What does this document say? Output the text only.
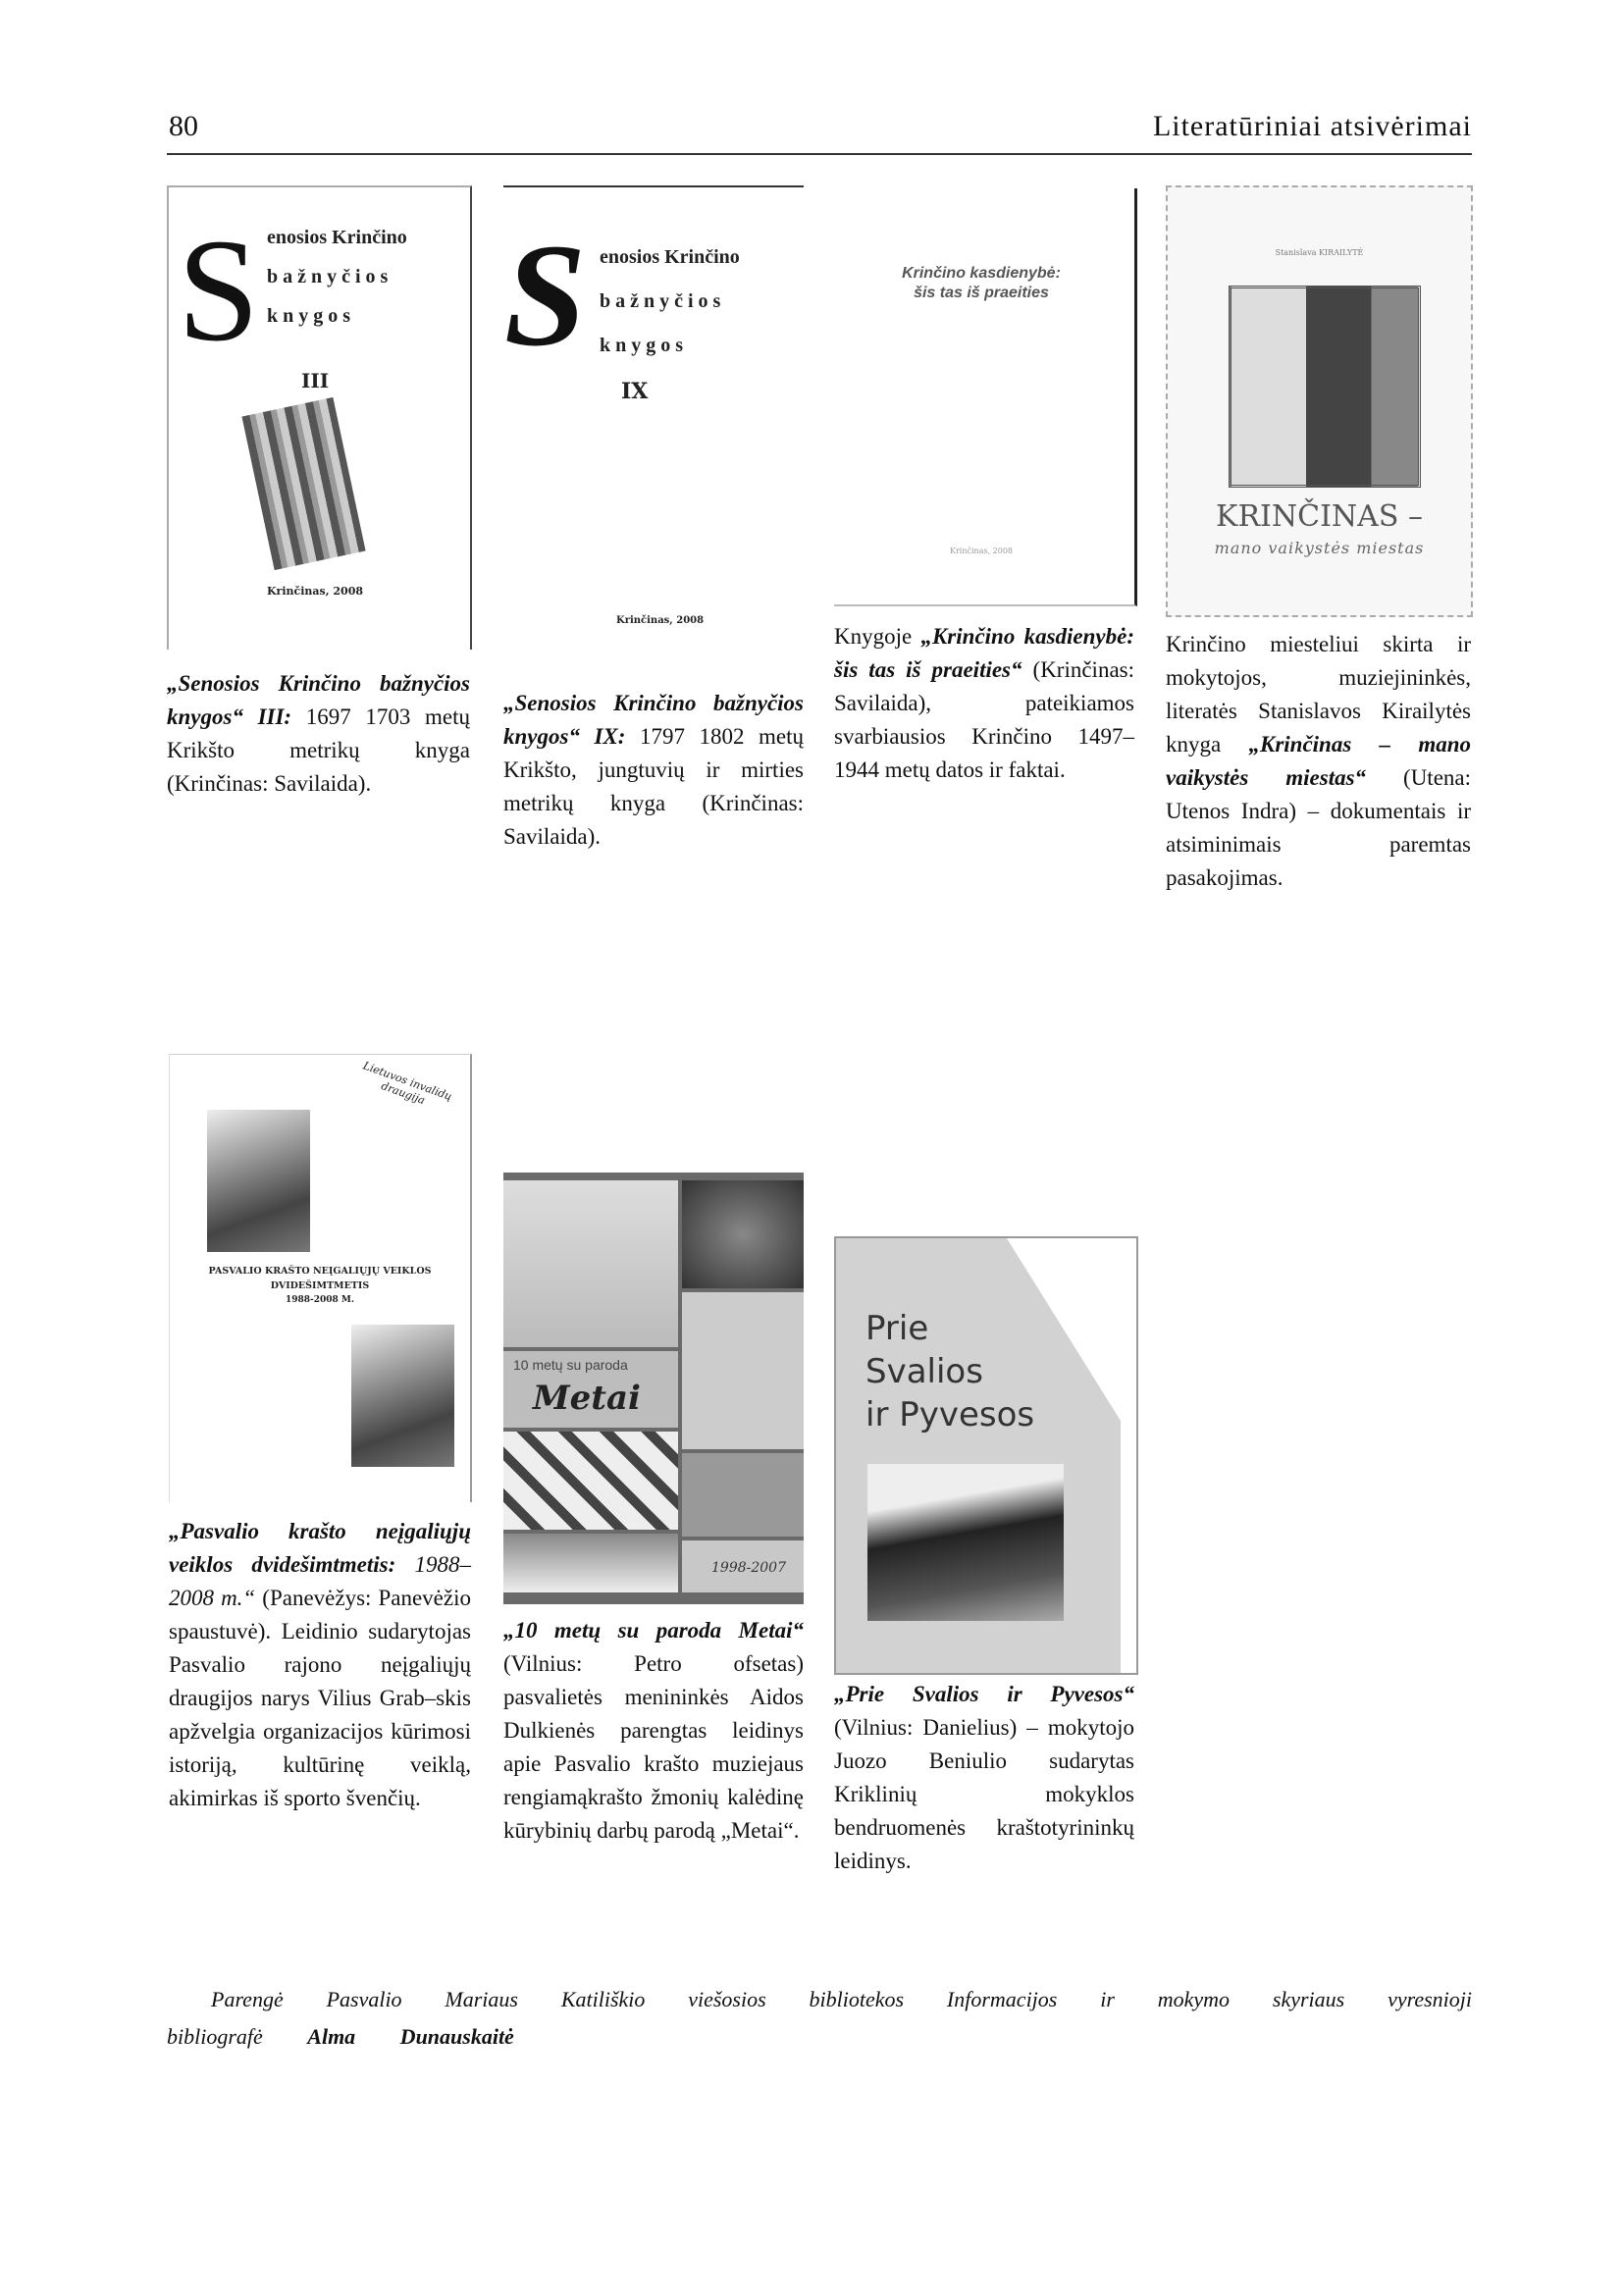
80	Literatūriniai atsivėrimai
S enosios Krinčino
bažnyčios
knygos
III
Krinčinas, 2008
S enosios Krinčino
bažnyčios
knygos
IX
Krinčinas, 2008
Krinčino kasdienybė:
šis tas iš praeities
Krinčinas, 2008
Stanislava KIRAILYTĖ
KRINČINAS –
mano vaikystės miestas
Lietuvos invalidų draugija
PASVALIO KRAŠTO NEĮGALIŲJŲ VEIKLOS
DVIDEŠIMTMETIS
1988-2008 M.
10 metų su paroda
Metai
1998-2007
Prie
Svalios
ir Pyvesos
„Senosios Krinčino bažnyčios knygos“ III: 1697 1703 metų Krikšto metrikų knyga (Krinčinas: Savilaida).
„Senosios Krinčino bažnyčios knygos“ IX: 1797 1802 metų Krikšto, jungtuvių ir mirties metrikų knyga (Krinčinas: Savilaida).
Knygoje „Krinčino kasdienybė: šis tas iš praeities“ (Krinčinas: Savilaida), pateikiamos svarbiausios Krinčino 1497–1944 metų datos ir faktai.
Krinčino miesteliui skirta ir mokytojos, muziejininkės, literatės Stanislavos Kirailytės knyga „Krinčinas – mano vaikystės miestas“ (Utena: Utenos Indra) – dokumentais ir atsiminimais paremtas pasakojimas.
„Pasvalio krašto neįgaliųjų veiklos dvidešimtmetis: 1988–2008 m.“ (Panevėžys: Panevėžio spaustuvė). Leidinio sudarytojas Pasvalio rajono neįgaliųjų draugijos narys Vilius Grab–skis apžvelgia organizacijos kūrimosi istoriją, kultūrinę veiklą, akimirkas iš sporto švenčių.
„10 metų su paroda Metai“ (Vilnius: Petro ofsetas) pasvalietės menininkės Aidos Dulkienės parengtas leidinys apie Pasvalio krašto muziejaus rengiamąkrašto žmonių kalėdinę kūrybinių darbų parodą „Metai“.
„Prie Svalios ir Pyvesos“ (Vilnius: Danielius) – mokytojo Juozo Beniulio sudarytas Kriklinių mokyklos bendruomenės kraštotyrininkų leidinys.
Parengė Pasvalio Mariaus Katiliškio viešosios bibliotekos Informacijos ir mokymo skyriaus vyresnioji
bibliografė Alma Dunauskaitė
